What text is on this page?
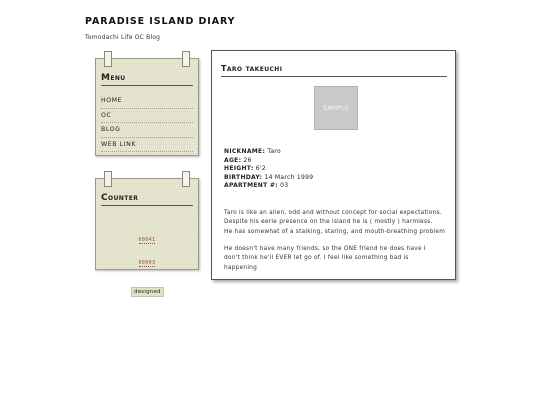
PARADISE ISLAND DIARY
Tomodachi Life OC Blog
Menu
HOME
OC
BLOG
WEB LINK
Counter
00041
00003
designed
Taro takeuchi
SAMPLE
NICKNAME: Taro
AGE: 26
HEIGHT: 6'2
BIRTHDAY: 14 March 1999
APARTMENT #: 03
Taro is like an alien, odd and without concept for social expectations.
Despite his eerie presence on the island he is ( mostly ) harmless.
He has somewhat of a stalking, staring, and mouth-breathing problem
He doesn't have many friends, so the ONE friend he does have I
don't think he'll EVER let go of. I feel like something bad is
happening
